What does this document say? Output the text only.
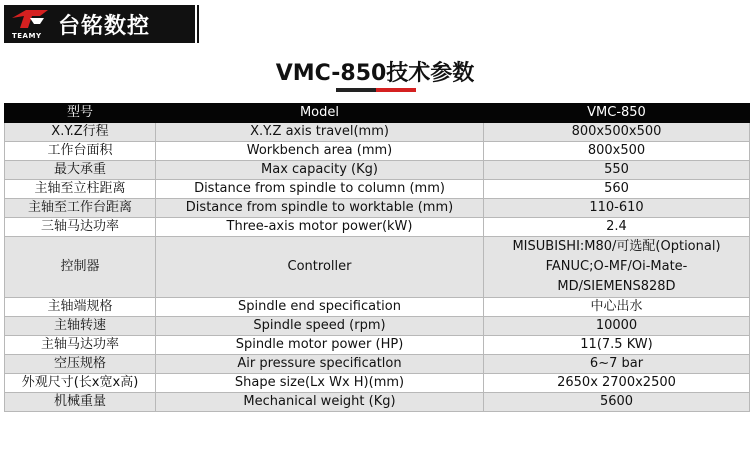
TEAMY 台铭数控
VMC-850技术参数
型号	Model	VMC-850
X.Y.Z行程	X.Y.Z axis travel(mm)	800x500x500
工作台面积	Workbench area (mm)	800x500
最大承重	Max capacity (Kg)	550
主轴至立柱距离	Distance from spindle to column (mm)	560
主轴至工作台距离	Distance from spindle to worktable (mm)	110-610
三轴马达功率	Three-axis motor power(kW)	2.4
控制器	Controller	MISUBISHI:M80/可选配(Optional)
FANUC;O-MF/Oi-Mate-
MD/SIEMENS828D

主轴端规格	Spindle end specification	中心出水
主轴转速	Spindle speed (rpm)	10000
主轴马达功率	Spindle motor power (HP)	11(7.5 KW)
空压规格	Air pressure specificatlon	6~7 bar
外观尺寸(长x宽x高)	Shape size(Lx Wx H)(mm)	2650x 2700x2500
机械重量	Mechanical weight (Kg)	5600
